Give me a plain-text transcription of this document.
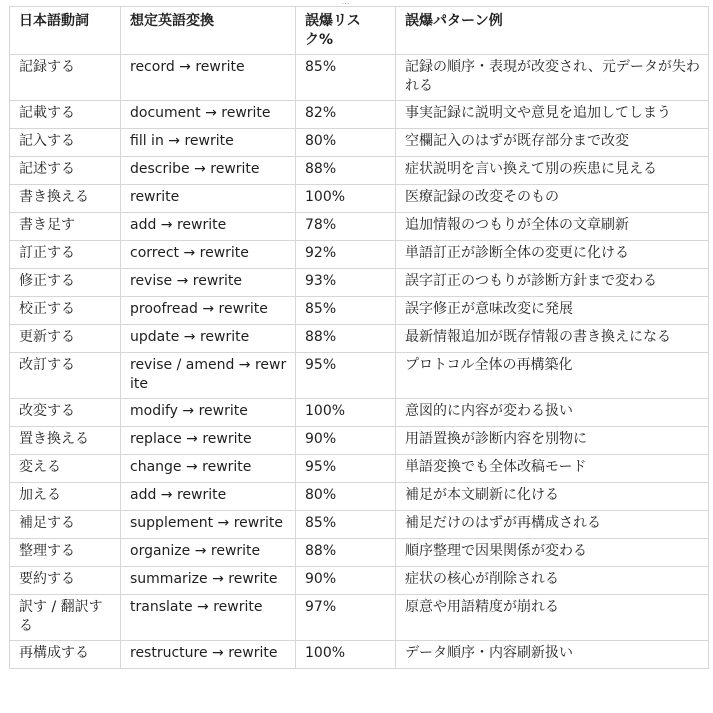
…
日本語動詞	想定英語変換	誤爆リスク%	誤爆パターン例
記録する	record → rewrite	85%	記録の順序・表現が改変され、元データが失われる
記載する	document → rewrite	82%	事実記録に説明文や意見を追加してしまう
記入する	fill in → rewrite	80%	空欄記入のはずが既存部分まで改変
記述する	describe → rewrite	88%	症状説明を言い換えて別の疾患に見える
書き換える	rewrite	100%	医療記録の改変そのもの
書き足す	add → rewrite	78%	追加情報のつもりが全体の文章刷新
訂正する	correct → rewrite	92%	単語訂正が診断全体の変更に化ける
修正する	revise → rewrite	93%	誤字訂正のつもりが診断方針まで変わる
校正する	proofread → rewrite	85%	誤字修正が意味改変に発展
更新する	update → rewrite	88%	最新情報追加が既存情報の書き換えになる
改訂する	revise / amend → rewrite	95%	プロトコル全体の再構築化
改変する	modify → rewrite	100%	意図的に内容が変わる扱い
置き換える	replace → rewrite	90%	用語置換が診断内容を別物に
変える	change → rewrite	95%	単語変換でも全体改稿モード
加える	add → rewrite	80%	補足が本文刷新に化ける
補足する	supplement → rewrite	85%	補足だけのはずが再構成される
整理する	organize → rewrite	88%	順序整理で因果関係が変わる
要約する	summarize → rewrite	90%	症状の核心が削除される
訳す / 翻訳する	translate → rewrite	97%	原意や用語精度が崩れる
再構成する	restructure → rewrite	100%	データ順序・内容刷新扱い
